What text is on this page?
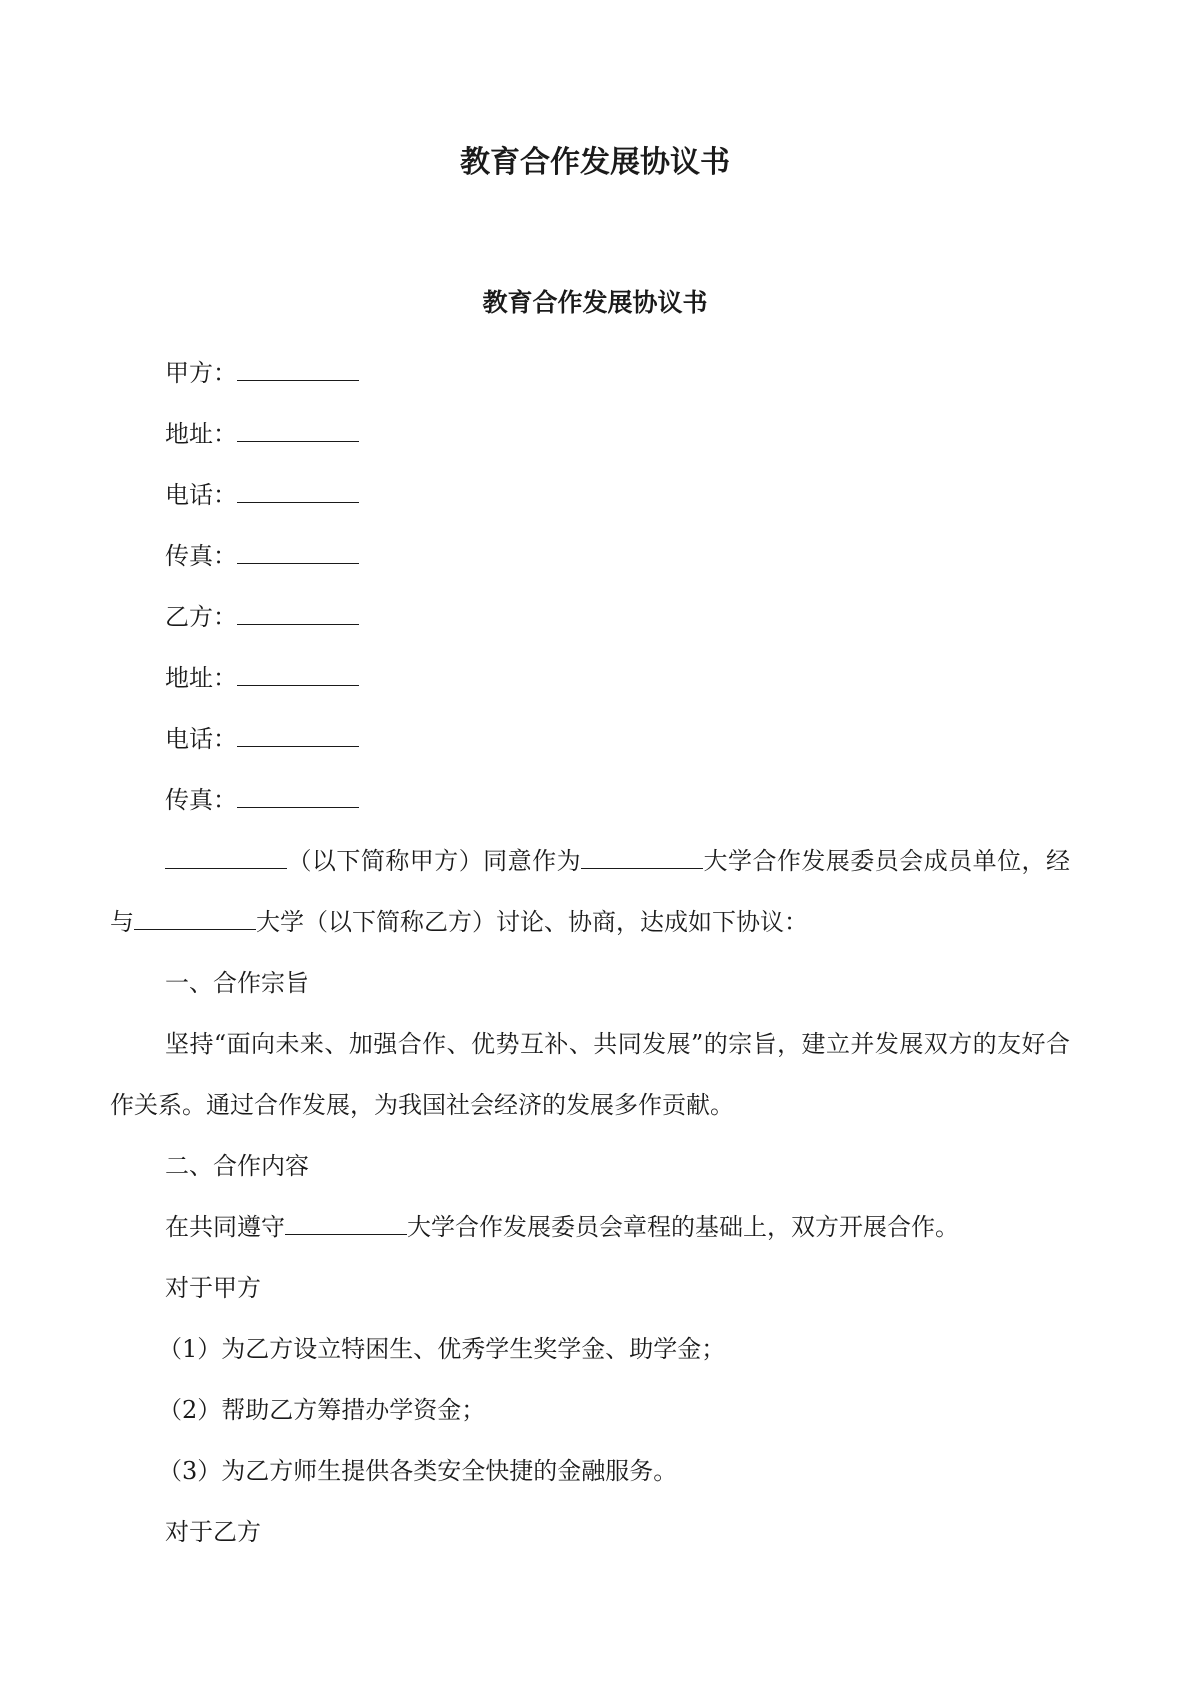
教育合作发展协议书
教育合作发展协议书

甲方：

地址：

电话：

传真：

乙方：

地址：

电话：

传真：

（以下简称甲方）同意作为	大学合作发展委员会成员单位，经与	大学（以下简称乙方）讨论、协商，达成如下协议：

一、合作宗旨

坚持“面向未来、加强合作、优势互补、共同发展”的宗旨，建立并发展双方的友好合作关系。通过合作发展，为我国社会经济的发展多作贡献。

二、合作内容

在共同遵守	大学合作发展委员会章程的基础上，双方开展合作。

对于甲方

（1）为乙方设立特困生、优秀学生奖学金、助学金；

（2）帮助乙方筹措办学资金；

（3）为乙方师生提供各类安全快捷的金融服务。

对于乙方
